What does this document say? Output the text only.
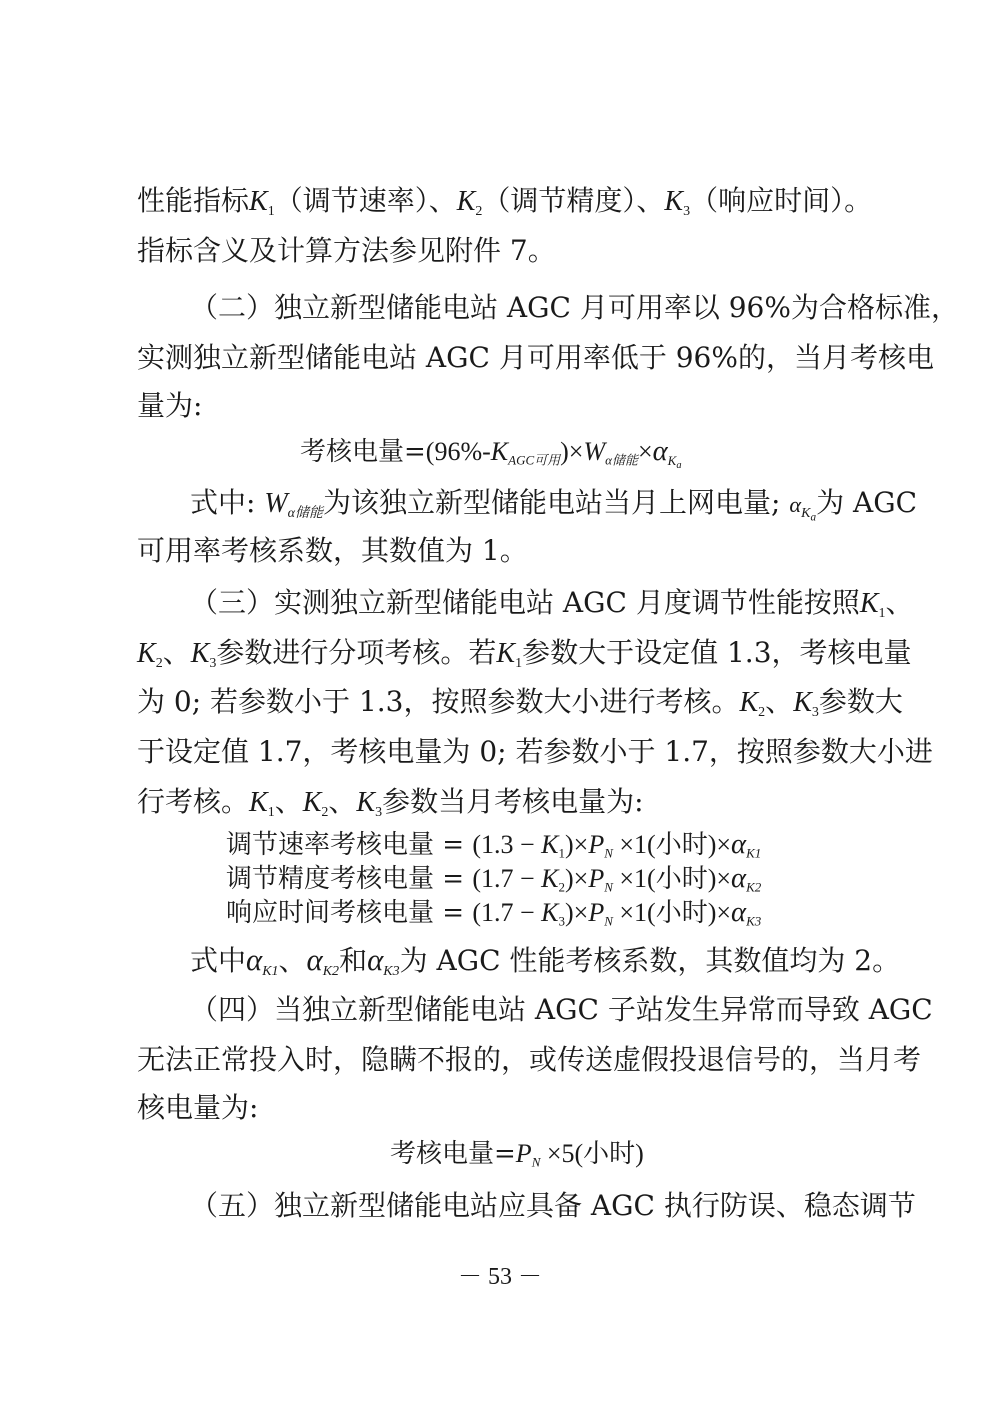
性能指标$K_1$（调节速率）、$K_2$（调节精度）、$K_3$（响应时间）。
指标含义及计算方法参见附件 7。
（二）独立新型储能电站 AGC 月可用率以 96%为合格标准，
实测独立新型储能电站 AGC 月可用率低于 96%的，当月考核电
量为:
考核电量$=(96\%-K_{AGC可用})\times W_{\alpha 储能}\times\alpha_{K_a}$
式中: $W_{\alpha 储能}$为该独立新型储能电站当月上网电量; $\alpha_{K_a}$为 AGC
可用率考核系数，其数值为 1。
（三）实测独立新型储能电站 AGC 月度调节性能按照$K_1$、
$K_2$、$K_3$参数进行分项考核。若$K_1$参数大于设定值 1.3，考核电量
为 0; 若参数小于 1.3，按照参数大小进行考核。$K_2$、$K_3$参数大
于设定值 1.7，考核电量为 0; 若参数小于 1.7，按照参数大小进
行考核。$K_1$、$K_2$、$K_3$参数当月考核电量为:
调节速率考核电量 = $(1.3 - K_1)\times P_N \times 1$(小时)$\times\alpha_{K1}$
调节精度考核电量 = $(1.7 - K_2)\times P_N \times 1$(小时)$\times\alpha_{K2}$
响应时间考核电量 = $(1.7 - K_3)\times P_N \times 1$(小时)$\times\alpha_{K3}$
式中$\alpha_{K1}$、$\alpha_{K2}$和$\alpha_{K3}$为 AGC 性能考核系数，其数值均为 2。
（四）当独立新型储能电站 AGC 子站发生异常而导致 AGC
无法正常投入时，隐瞒不报的，或传送虚假投退信号的，当月考
核电量为:
考核电量$=P_N \times 5$(小时)
（五）独立新型储能电站应具备 AGC 执行防误、稳态调节
－ 53 －
